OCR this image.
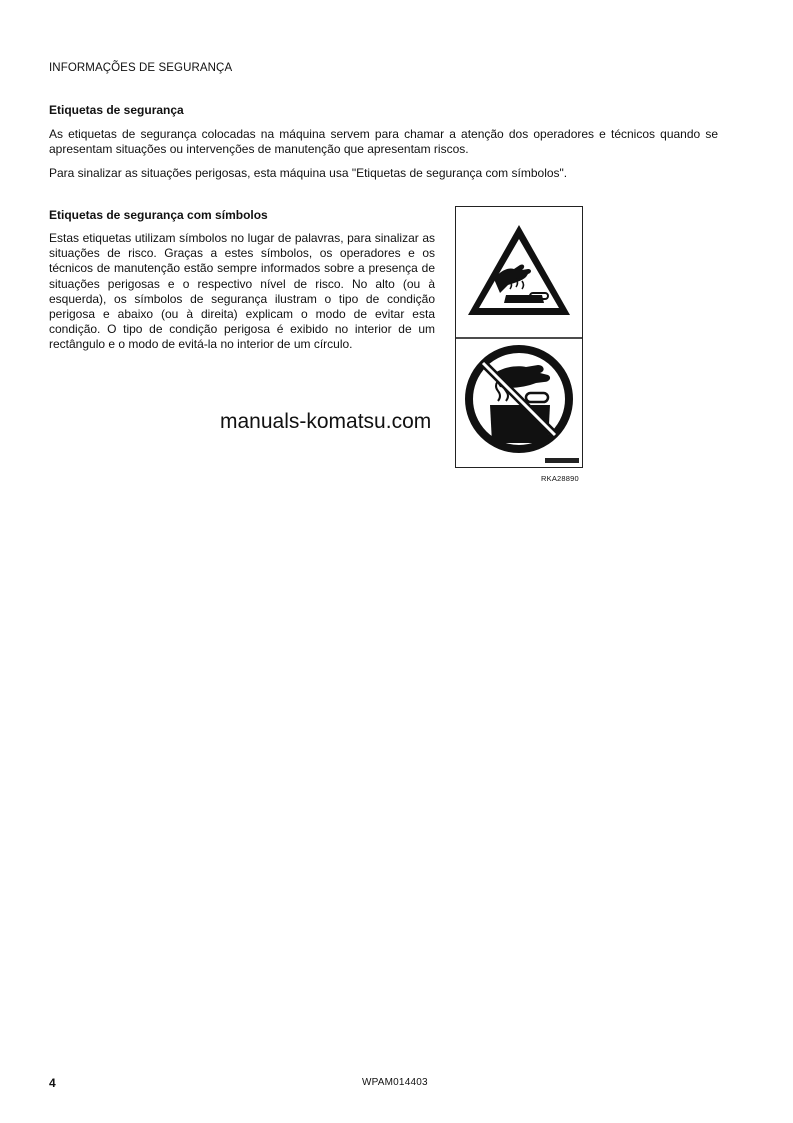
INFORMAÇÕES DE SEGURANÇA
Etiquetas de segurança
As etiquetas de segurança colocadas na máquina servem para chamar a atenção dos operadores e técnicos quando se apresentam situações ou intervenções de manutenção que apresentam riscos.
Para sinalizar as situações perigosas, esta máquina usa "Etiquetas de segurança com símbolos".
Etiquetas de segurança com símbolos
Estas etiquetas utilizam símbolos no lugar de palavras, para sinalizar as situações de risco. Graças a estes símbolos, os operadores e os técnicos de manutenção estão sempre informados sobre a presença de situações perigosas e o respectivo nível de risco. No alto (ou à esquerda), os símbolos de segurança ilustram o tipo de condição perigosa e abaixo (ou à direita) explicam o modo de evitar esta condição. O tipo de condição perigosa é exibido no interior de um rectângulo e o modo de evitá-la no interior de um círculo.
RKA28890
manuals-komatsu.com
4	WPAM014403
